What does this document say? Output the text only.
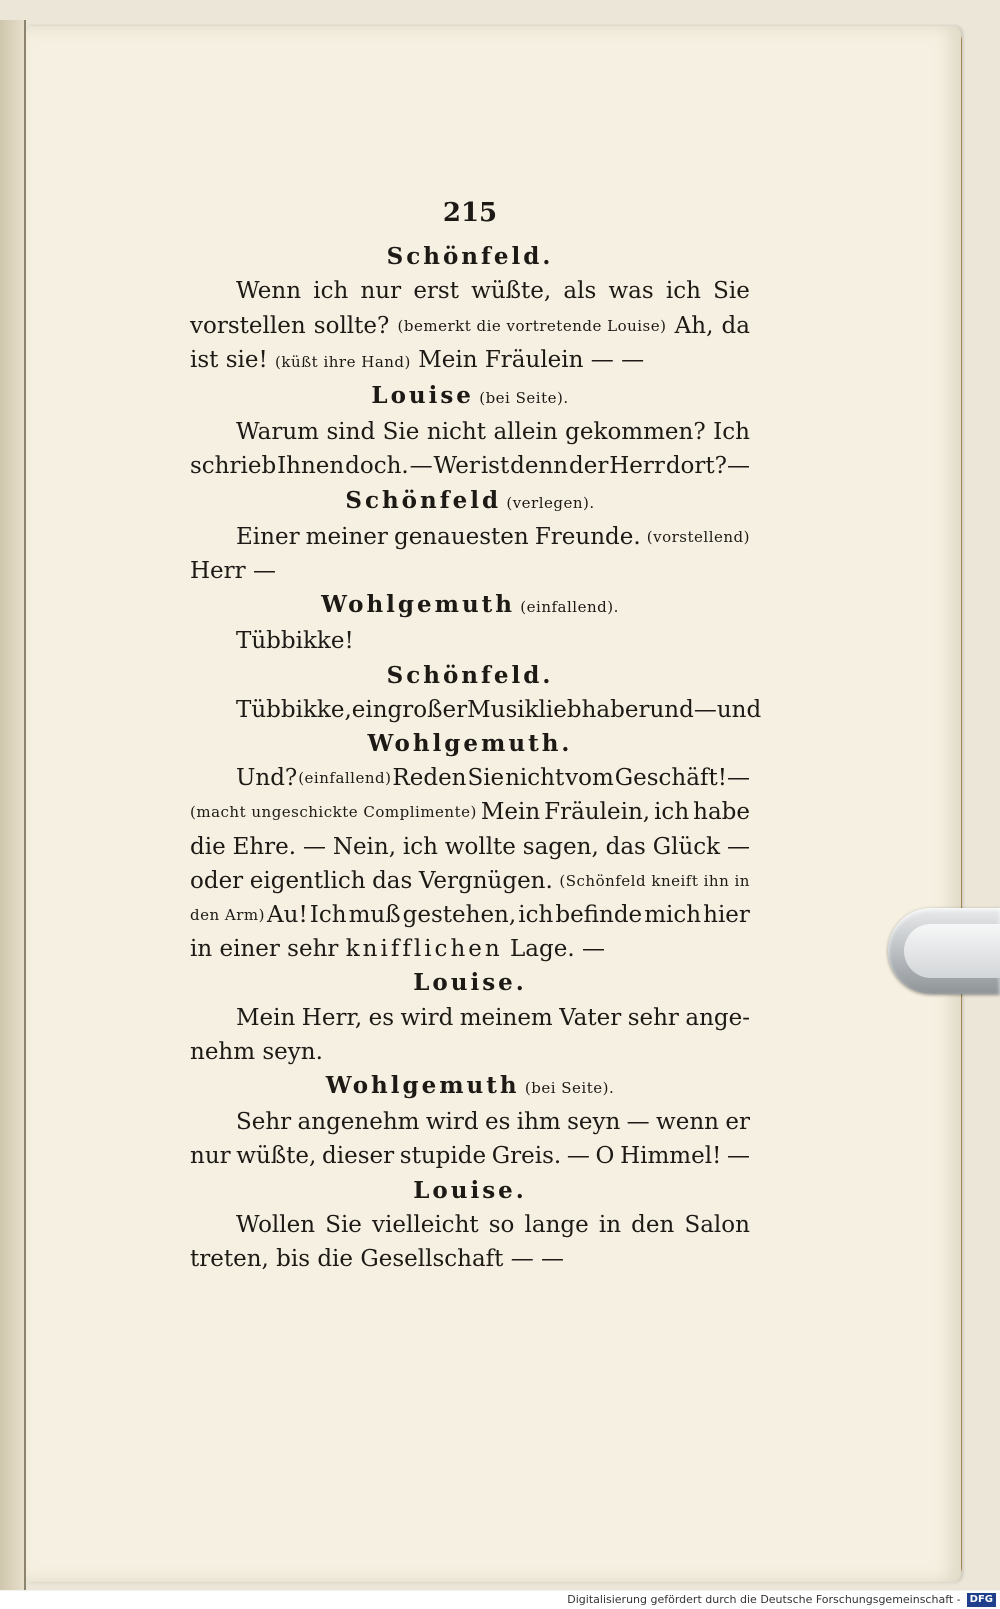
215
Schönfeld.
Wenn ich nur erst wüßte, als was ich Sie
vorstellen sollte? (bemerkt die vortretende Louise) Ah, da
ist sie! (küßt ihre Hand) Mein Fräulein — —
Louise (bei Seite).
Warum sind Sie nicht allein gekommen? Ich
schrieb Ihnen doch. — Wer ist denn der Herr dort?—
Schönfeld (verlegen).
Einer meiner genauesten Freunde. (vorstellend)
Herr —
Wohlgemuth (einfallend).
Tübbikke!
Schönfeld.
Tübbikke, ein großer Musikliebhaber und — und
Wohlgemuth.
Und? (einfallend) Reden Sie nicht vom Geschäft!—
(macht ungeschickte Complimente) Mein Fräulein, ich habe
die Ehre. — Nein, ich wollte sagen, das Glück —
oder eigentlich das Vergnügen. (Schönfeld kneift ihn in
den Arm) Au! Ich muß gestehen, ich befinde mich hier
in einer sehr knifflichen Lage. —
Louise.
Mein Herr, es wird meinem Vater sehr ange-
nehm seyn.
Wohlgemuth (bei Seite).
Sehr angenehm wird es ihm seyn — wenn er
nur wüßte, dieser stupide Greis. — O Himmel! —
Louise.
Wollen Sie vielleicht so lange in den Salon
treten, bis die Gesellschaft — —
Digitalisierung gefördert durch die Deutsche Forschungsgemeinschaft - DFG
